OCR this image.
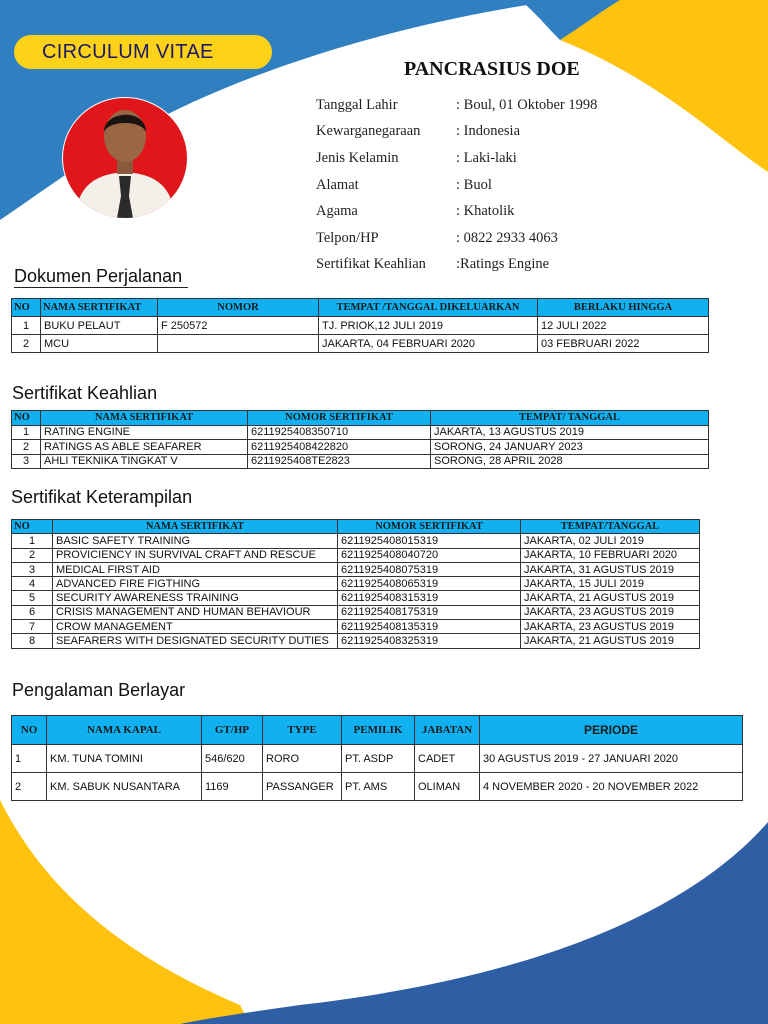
CIRCULUM VITAE
PANCRASIUS DOE
Tanggal Lahir	: Boul, 01 Oktober 1998
Kewarganegaraan	: Indonesia
Jenis Kelamin	: Laki-laki
Alamat	: Buol
Agama	: Khatolik
Telpon/HP	: 0822 2933 4063
Sertifikat Keahlian	:Ratings Engine
Dokumen Perjalanan
NO	NAMA SERTIFIKAT	NOMOR	TEMPAT /TANGGAL DIKELUARKAN	BERLAKU HINGGA
1	BUKU PELAUT	F 250572	TJ. PRIOK,12 JULI 2019	12 JULI 2022
2	MCU		JAKARTA, 04 FEBRUARI 2020	03 FEBRUARI 2022
Sertifikat Keahlian
NO	NAMA SERTIFIKAT	NOMOR SERTIFIKAT	TEMPAT/ TANGGAL
1	RATING ENGINE	6211925408350710	JAKARTA, 13 AGUSTUS 2019
2	RATINGS AS ABLE SEAFARER	6211925408422820	SORONG, 24 JANUARY 2023
3	AHLI TEKNIKA TINGKAT V	6211925408TE2823	SORONG, 28 APRIL 2028
Sertifikat Keterampilan
NO	NAMA SERTIFIKAT	NOMOR SERTIFIKAT	TEMPAT/TANGGAL
1	BASIC SAFETY TRAINING	6211925408015319	JAKARTA, 02 JULI 2019
2	PROVICIENCY IN SURVIVAL CRAFT AND RESCUE	6211925408040720	JAKARTA, 10 FEBRUARI 2020
3	MEDICAL FIRST AID	6211925408075319	JAKARTA, 31 AGUSTUS 2019
4	ADVANCED FIRE FIGTHING	6211925408065319	JAKARTA, 15 JULI 2019
5	SECURITY AWARENESS TRAINING	6211925408315319	JAKARTA, 21 AGUSTUS 2019
6	CRISIS MANAGEMENT AND HUMAN BEHAVIOUR	6211925408175319	JAKARTA, 23 AGUSTUS 2019
7	CROW MANAGEMENT	6211925408135319	JAKARTA, 23 AGUSTUS 2019
8	SEAFARERS WITH DESIGNATED SECURITY DUTIES	6211925408325319	JAKARTA, 21 AGUSTUS 2019
Pengalaman Berlayar
NO	NAMA KAPAL	GT/HP	TYPE	PEMILIK	JABATAN	PERIODE
1	KM. TUNA TOMINI	546/620	RORO	PT. ASDP	CADET	30 AGUSTUS 2019 - 27 JANUARI 2020
2	KM. SABUK NUSANTARA	1169	PASSANGER	PT. AMS	OLIMAN	4 NOVEMBER 2020 - 20 NOVEMBER 2022
